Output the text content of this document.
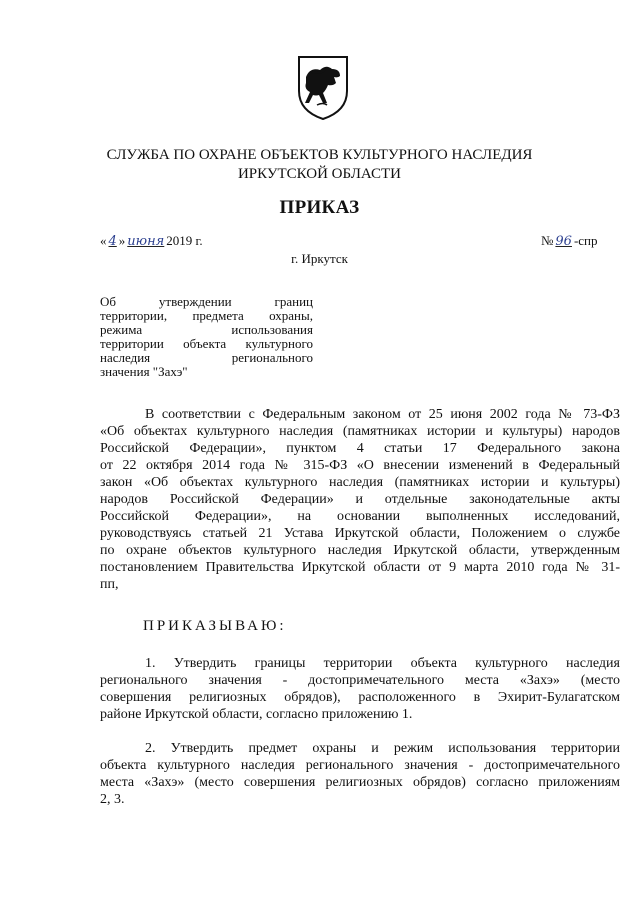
СЛУЖБА ПО ОХРАНЕ ОБЪЕКТОВ КУЛЬТУРНОГО НАСЛЕДИЯ
ИРКУТСКОЙ ОБЛАСТИ
ПРИКАЗ
« 4 » июня 2019 г.	№ 96 -спр
г. Иркутск
Об утверждении границ
территории, предмета охраны,
режима использования
территории объекта культурного
наследия регионального
значения "Захэ"
В соответствии с Федеральным законом от 25 июня 2002 года № 73-ФЗ
«Об объектах культурного наследия (памятниках истории и культуры) народов
Российской Федерации», пунктом 4 статьи 17 Федерального закона
от 22 октября 2014 года № 315-ФЗ «О внесении изменений в Федеральный
закон «Об объектах культурного наследия (памятниках истории и культуры)
народов Российской Федерации» и отдельные законодательные акты
Российской Федерации», на основании выполненных исследований,
руководствуясь статьей 21 Устава Иркутской области, Положением о службе
по охране объектов культурного наследия Иркутской области, утвержденным
постановлением Правительства Иркутской области от 9 марта 2010 года № 31-
пп,
ПРИКАЗЫВАЮ:
1. Утвердить границы территории объекта культурного наследия
регионального значения - достопримечательного места «Захэ» (место
совершения религиозных обрядов), расположенного в Эхирит-Булагатском
районе Иркутской области, согласно приложению 1.
2. Утвердить предмет охраны и режим использования территории
объекта культурного наследия регионального значения - достопримечательного
места «Захэ» (место совершения религиозных обрядов) согласно приложениям
2, 3.
